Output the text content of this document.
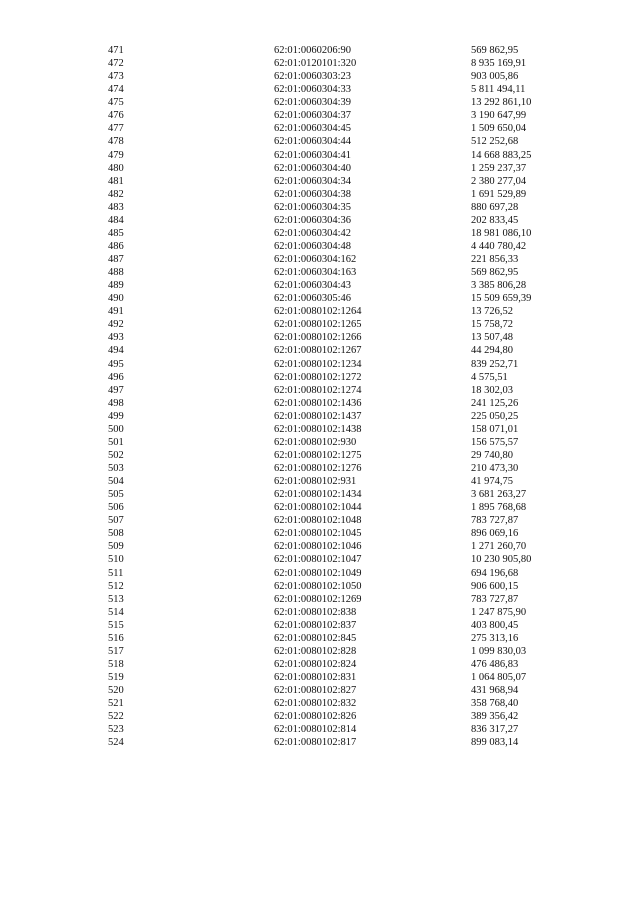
471	62:01:0060206:90	569 862,95
472	62:01:0120101:320	8 935 169,91
473	62:01:0060303:23	903 005,86
474	62:01:0060304:33	5 811 494,11
475	62:01:0060304:39	13 292 861,10
476	62:01:0060304:37	3 190 647,99
477	62:01:0060304:45	1 509 650,04
478	62:01:0060304:44	512 252,68
479	62:01:0060304:41	14 668 883,25
480	62:01:0060304:40	1 259 237,37
481	62:01:0060304:34	2 380 277,04
482	62:01:0060304:38	1 691 529,89
483	62:01:0060304:35	880 697,28
484	62:01:0060304:36	202 833,45
485	62:01:0060304:42	18 981 086,10
486	62:01:0060304:48	4 440 780,42
487	62:01:0060304:162	221 856,33
488	62:01:0060304:163	569 862,95
489	62:01:0060304:43	3 385 806,28
490	62:01:0060305:46	15 509 659,39
491	62:01:0080102:1264	13 726,52
492	62:01:0080102:1265	15 758,72
493	62:01:0080102:1266	13 507,48
494	62:01:0080102:1267	44 294,80
495	62:01:0080102:1234	839 252,71
496	62:01:0080102:1272	4 575,51
497	62:01:0080102:1274	18 302,03
498	62:01:0080102:1436	241 125,26
499	62:01:0080102:1437	225 050,25
500	62:01:0080102:1438	158 071,01
501	62:01:0080102:930	156 575,57
502	62:01:0080102:1275	29 740,80
503	62:01:0080102:1276	210 473,30
504	62:01:0080102:931	41 974,75
505	62:01:0080102:1434	3 681 263,27
506	62:01:0080102:1044	1 895 768,68
507	62:01:0080102:1048	783 727,87
508	62:01:0080102:1045	896 069,16
509	62:01:0080102:1046	1 271 260,70
510	62:01:0080102:1047	10 230 905,80
511	62:01:0080102:1049	694 196,68
512	62:01:0080102:1050	906 600,15
513	62:01:0080102:1269	783 727,87
514	62:01:0080102:838	1 247 875,90
515	62:01:0080102:837	403 800,45
516	62:01:0080102:845	275 313,16
517	62:01:0080102:828	1 099 830,03
518	62:01:0080102:824	476 486,83
519	62:01:0080102:831	1 064 805,07
520	62:01:0080102:827	431 968,94
521	62:01:0080102:832	358 768,40
522	62:01:0080102:826	389 356,42
523	62:01:0080102:814	836 317,27
524	62:01:0080102:817	899 083,14
